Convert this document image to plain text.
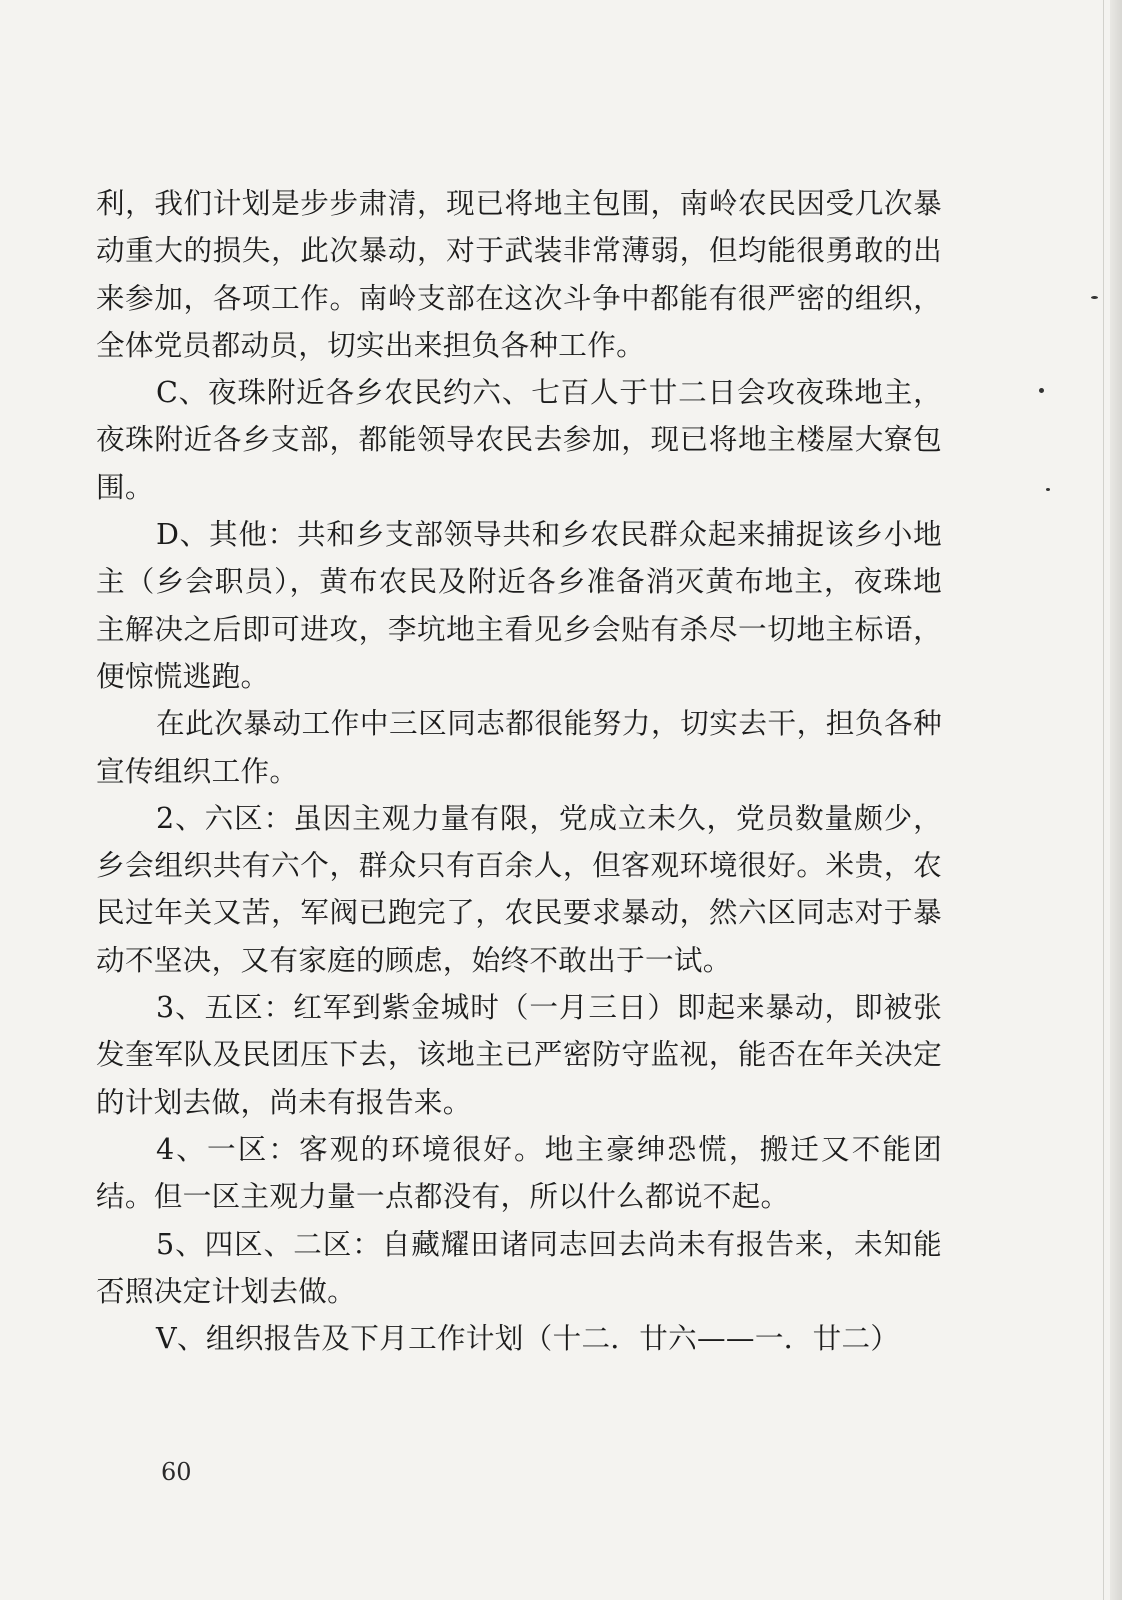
利，我们计划是步步肃清，现已将地主包围，南岭农民因受几次暴动重大的损失，此次暴动，对于武装非常薄弱，但均能很勇敢的出来参加，各项工作。南岭支部在这次斗争中都能有很严密的组织，全体党员都动员，切实出来担负各种工作。

C、夜珠附近各乡农民约六、七百人于廿二日会攻夜珠地主，夜珠附近各乡支部，都能领导农民去参加，现已将地主楼屋大寮包围。

D、其他：共和乡支部领导共和乡农民群众起来捕捉该乡小地主（乡会职员），黄布农民及附近各乡准备消灭黄布地主，夜珠地主解决之后即可进攻，李坑地主看见乡会贴有杀尽一切地主标语，便惊慌逃跑。

在此次暴动工作中三区同志都很能努力，切实去干，担负各种宣传组织工作。

2、六区：虽因主观力量有限，党成立未久，党员数量颇少，乡会组织共有六个，群众只有百余人，但客观环境很好。米贵，农民过年关又苦，军阀已跑完了，农民要求暴动，然六区同志对于暴动不坚决，又有家庭的顾虑，始终不敢出于一试。

3、五区：红军到紫金城时（一月三日）即起来暴动，即被张发奎军队及民团压下去，该地主已严密防守监视，能否在年关决定的计划去做，尚未有报告来。

4、一区：客观的环境很好。地主豪绅恐慌，搬迁又不能团结。但一区主观力量一点都没有，所以什么都说不起。

5、四区、二区：自藏耀田诸同志回去尚未有报告来，未知能否照决定计划去做。

Ⅴ、组织报告及下月工作计划（十二．廿六——一．廿二）

60
